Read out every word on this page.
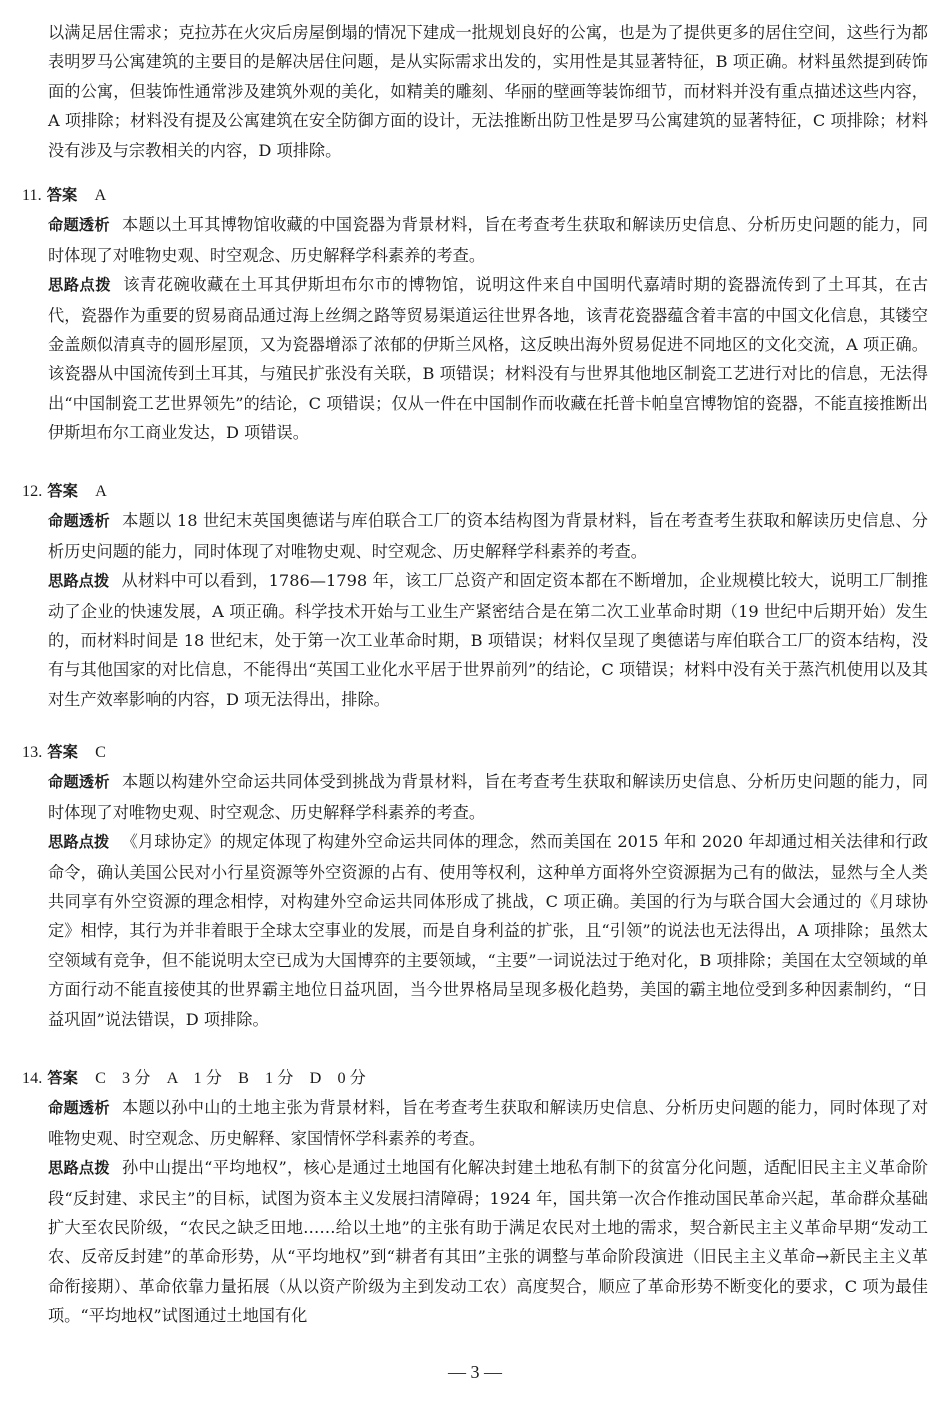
以满足居住需求；克拉苏在火灾后房屋倒塌的情况下建成一批规划良好的公寓，也是为了提供更多的居住空间，这些行为都表明罗马公寓建筑的主要目的是解决居住问题，是从实际需求出发的，实用性是其显著特征，B 项正确。材料虽然提到砖饰面的公寓，但装饰性通常涉及建筑外观的美化，如精美的雕刻、华丽的壁画等装饰细节，而材料并没有重点描述这些内容，A 项排除；材料没有提及公寓建筑在安全防御方面的设计，无法推断出防卫性是罗马公寓建筑的显著特征，C 项排除；材料没有涉及与宗教相关的内容，D 项排除。

11. 答案 A

命题透析 本题以土耳其博物馆收藏的中国瓷器为背景材料，旨在考查考生获取和解读历史信息、分析历史问题的能力，同时体现了对唯物史观、时空观念、历史解释学科素养的考查。

思路点拨 该青花碗收藏在土耳其伊斯坦布尔市的博物馆，说明这件来自中国明代嘉靖时期的瓷器流传到了土耳其，在古代，瓷器作为重要的贸易商品通过海上丝绸之路等贸易渠道运往世界各地，该青花瓷器蕴含着丰富的中国文化信息，其镂空金盖颇似清真寺的圆形屋顶，又为瓷器增添了浓郁的伊斯兰风格，这反映出海外贸易促进不同地区的文化交流，A 项正确。该瓷器从中国流传到土耳其，与殖民扩张没有关联，B 项错误；材料没有与世界其他地区制瓷工艺进行对比的信息，无法得出“中国制瓷工艺世界领先”的结论，C 项错误；仅从一件在中国制作而收藏在托普卡帕皇宫博物馆的瓷器，不能直接推断出伊斯坦布尔工商业发达，D 项错误。

12. 答案 A

命题透析 本题以 18 世纪末英国奥德诺与库伯联合工厂的资本结构图为背景材料，旨在考查考生获取和解读历史信息、分析历史问题的能力，同时体现了对唯物史观、时空观念、历史解释学科素养的考查。

思路点拨 从材料中可以看到，1786—1798 年，该工厂总资产和固定资本都在不断增加，企业规模比较大，说明工厂制推动了企业的快速发展，A 项正确。科学技术开始与工业生产紧密结合是在第二次工业革命时期（19 世纪中后期开始）发生的，而材料时间是 18 世纪末，处于第一次工业革命时期，B 项错误；材料仅呈现了奥德诺与库伯联合工厂的资本结构，没有与其他国家的对比信息，不能得出“英国工业化水平居于世界前列”的结论，C 项错误；材料中没有关于蒸汽机使用以及其对生产效率影响的内容，D 项无法得出，排除。

13. 答案 C

命题透析 本题以构建外空命运共同体受到挑战为背景材料，旨在考查考生获取和解读历史信息、分析历史问题的能力，同时体现了对唯物史观、时空观念、历史解释学科素养的考查。

思路点拨 《月球协定》的规定体现了构建外空命运共同体的理念，然而美国在 2015 年和 2020 年却通过相关法律和行政命令，确认美国公民对小行星资源等外空资源的占有、使用等权利，这种单方面将外空资源据为己有的做法，显然与全人类共同享有外空资源的理念相悖，对构建外空命运共同体形成了挑战，C 项正确。美国的行为与联合国大会通过的《月球协定》相悖，其行为并非着眼于全球太空事业的发展，而是自身利益的扩张，且“引领”的说法也无法得出，A 项排除；虽然太空领域有竞争，但不能说明太空已成为大国博弈的主要领域，“主要”一词说法过于绝对化，B 项排除；美国在太空领域的单方面行动不能直接使其的世界霸主地位日益巩固，当今世界格局呈现多极化趋势，美国的霸主地位受到多种因素制约，“日益巩固”说法错误，D 项排除。

14. 答案 C　3 分　A　1 分　B　1 分　D　0 分

命题透析 本题以孙中山的土地主张为背景材料，旨在考查考生获取和解读历史信息、分析历史问题的能力，同时体现了对唯物史观、时空观念、历史解释、家国情怀学科素养的考查。

思路点拨 孙中山提出“平均地权”，核心是通过土地国有化解决封建土地私有制下的贫富分化问题，适配旧民主主义革命阶段“反封建、求民主”的目标，试图为资本主义发展扫清障碍；1924 年，国共第一次合作推动国民革命兴起，革命群众基础扩大至农民阶级，“农民之缺乏田地……给以土地”的主张有助于满足农民对土地的需求，契合新民主主义革命早期“发动工农、反帝反封建”的革命形势，从“平均地权”到“耕者有其田”主张的调整与革命阶段演进（旧民主主义革命→新民主主义革命衔接期）、革命依靠力量拓展（从以资产阶级为主到发动工农）高度契合，顺应了革命形势不断变化的要求，C 项为最佳项。“平均地权”试图通过土地国有化

— 3 —
